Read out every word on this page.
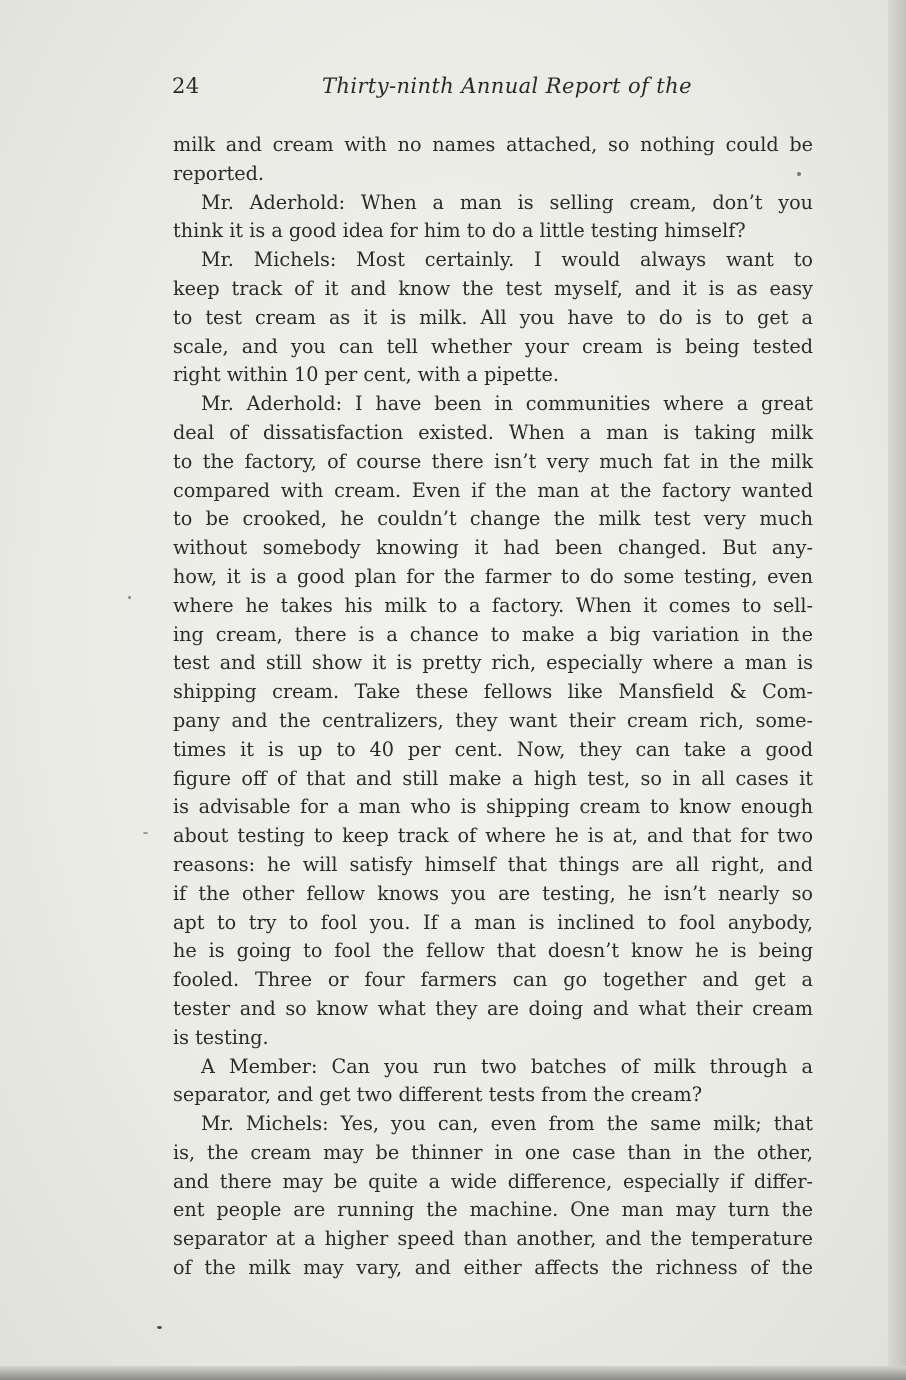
24	Thirty-ninth Annual Report of the
milk and cream with no names attached, so nothing could be
reported.
Mr. Aderhold: When a man is selling cream, don’t you
think it is a good idea for him to do a little testing himself?
Mr. Michels: Most certainly. I would always want to
keep track of it and know the test myself, and it is as easy
to test cream as it is milk. All you have to do is to get a
scale, and you can tell whether your cream is being tested
right within 10 per cent, with a pipette.
Mr. Aderhold: I have been in communities where a great
deal of dissatisfaction existed. When a man is taking milk
to the factory, of course there isn’t very much fat in the milk
compared with cream. Even if the man at the factory wanted
to be crooked, he couldn’t change the milk test very much
without somebody knowing it had been changed. But any-
how, it is a good plan for the farmer to do some testing, even
where he takes his milk to a factory. When it comes to sell-
ing cream, there is a chance to make a big variation in the
test and still show it is pretty rich, especially where a man is
shipping cream. Take these fellows like Mansfield & Com-
pany and the centralizers, they want their cream rich, some-
times it is up to 40 per cent. Now, they can take a good
figure off of that and still make a high test, so in all cases it
is advisable for a man who is shipping cream to know enough
about testing to keep track of where he is at, and that for two
reasons: he will satisfy himself that things are all right, and
if the other fellow knows you are testing, he isn’t nearly so
apt to try to fool you. If a man is inclined to fool anybody,
he is going to fool the fellow that doesn’t know he is being
fooled. Three or four farmers can go together and get a
tester and so know what they are doing and what their cream
is testing.
A Member: Can you run two batches of milk through a
separator, and get two different tests from the cream?
Mr. Michels: Yes, you can, even from the same milk; that
is, the cream may be thinner in one case than in the other,
and there may be quite a wide difference, especially if differ-
ent people are running the machine. One man may turn the
separator at a higher speed than another, and the temperature
of the milk may vary, and either affects the richness of the
